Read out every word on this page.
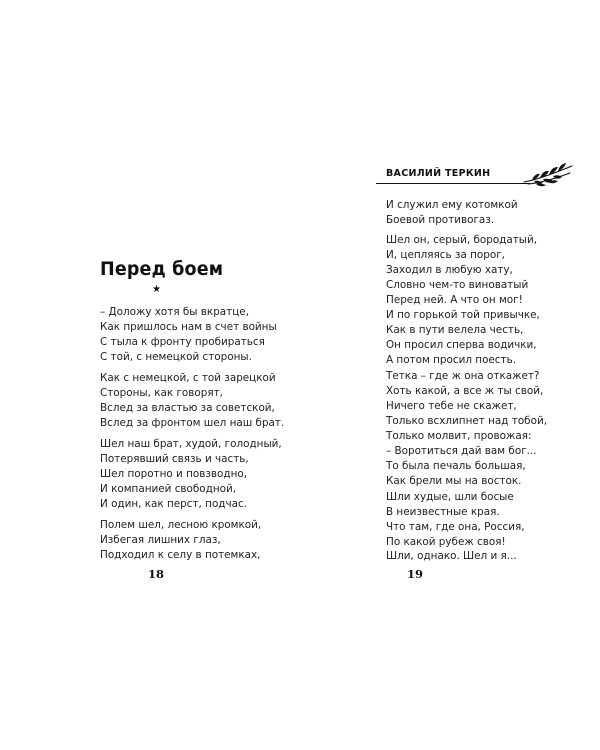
Перед боем
★
– Доложу хотя бы вкратце,
Как пришлось нам в счет войны
С тыла к фронту пробираться
С той, с немецкой стороны.
Как с немецкой, с той зарецкой
Стороны, как говорят,
Вслед за властью за советской,
Вслед за фронтом шел наш брат.
Шел наш брат, худой, голодный,
Потерявший связь и часть,
Шел поротно и повзводно,
И компанией свободной,
И один, как перст, подчас.
Полем шел, лесною кромкой,
Избегая лишних глаз,
Подходил к селу в потемках,
18
ВАСИЛИЙ ТЕРКИН
И служил ему котомкой
Боевой противогаз.
Шел он, серый, бородатый,
И, цепляясь за порог,
Заходил в любую хату,
Словно чем-то виноватый
Перед ней. А что он мог!
И по горькой той привычке,
Как в пути велела честь,
Он просил сперва водички,
А потом просил поесть.
Тетка – где ж она откажет?
Хоть какой, а все ж ты свой,
Ничего тебе не скажет,
Только всхлипнет над тобой,
Только молвит, провожая:
– Воротиться дай вам бог...
То была печаль большая,
Как брели мы на восток.
Шли худые, шли босые
В неизвестные края.
Что там, где она, Россия,
По какой рубеж своя!
Шли, однако. Шел и я...
19
